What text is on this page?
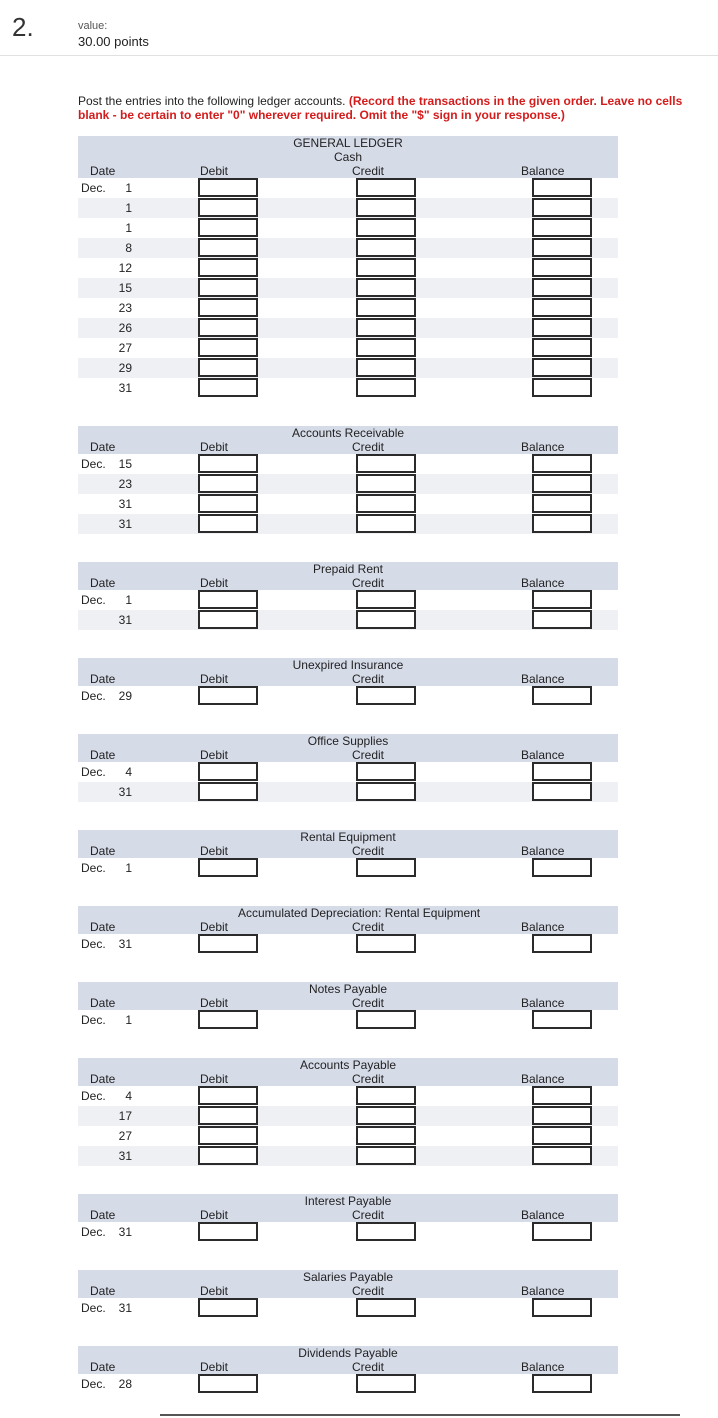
2.	value:
30.00 points
Post the entries into the following ledger accounts. (Record the transactions in the given order. Leave no cells blank - be certain to enter "0" wherever required. Omit the "$" sign in your response.)
GENERAL LEDGER
Cash
Date	Debit	Credit	Balance
Dec.	1
1
1
8
12
15
23
26
27
29
31
Accounts Receivable
Date	Debit	Credit	Balance
Dec.	15
23
31
31
Prepaid Rent
Date	Debit	Credit	Balance
Dec.	1
31
Unexpired Insurance
Date	Debit	Credit	Balance
Dec.	29
Office Supplies
Date	Debit	Credit	Balance
Dec.	4
31
Rental Equipment
Date	Debit	Credit	Balance
Dec.	1
Accumulated Depreciation: Rental Equipment
Date	Debit	Credit	Balance
Dec.	31
Notes Payable
Date	Debit	Credit	Balance
Dec.	1
Accounts Payable
Date	Debit	Credit	Balance
Dec.	4
17
27
31
Interest Payable
Date	Debit	Credit	Balance
Dec.	31
Salaries Payable
Date	Debit	Credit	Balance
Dec.	31
Dividends Payable
Date	Debit	Credit	Balance
Dec.	28
